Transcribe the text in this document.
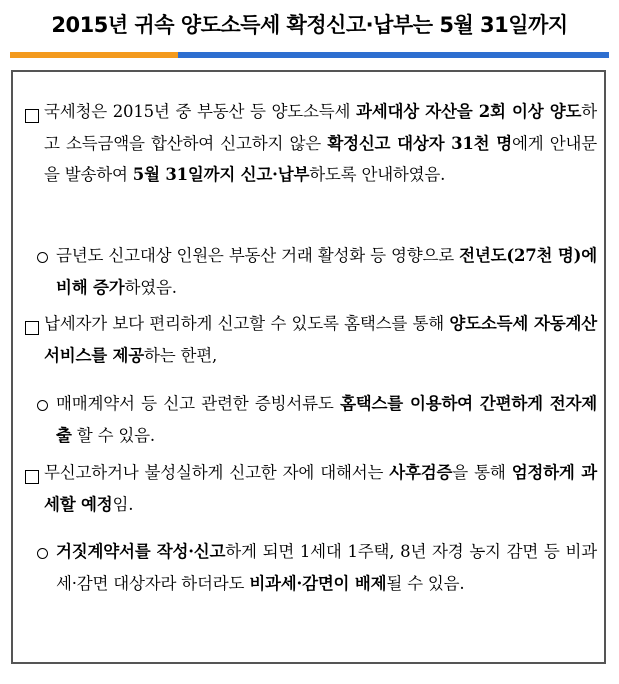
2015년 귀속 양도소득세 확정신고·납부는 5월 31일까지

국세청은 2015년 중 부동산 등 양도소득세 과세대상 자산을 2회 이상 양도하고 소득금액을 합산하여 신고하지 않은 확정신고 대상자 31천 명에게 안내문을 발송하여 5월 31일까지 신고·납부하도록 안내하였음.

금년도 신고대상 인원은 부동산 거래 활성화 등 영향으로 전년도(27천 명)에 비해 증가하였음.

납세자가 보다 편리하게 신고할 수 있도록 홈택스를 통해 양도소득세 자동계산서비스를 제공하는 한편,

매매계약서 등 신고 관련한 증빙서류도 홈택스를 이용하여 간편하게 전자제출 할 수 있음.

무신고하거나 불성실하게 신고한 자에 대해서는 사후검증을 통해 엄정하게 과세할 예정임.

거짓계약서를 작성·신고하게 되면 1세대 1주택, 8년 자경 농지 감면 등 비과세·감면 대상자라 하더라도 비과세·감면이 배제될 수 있음.
